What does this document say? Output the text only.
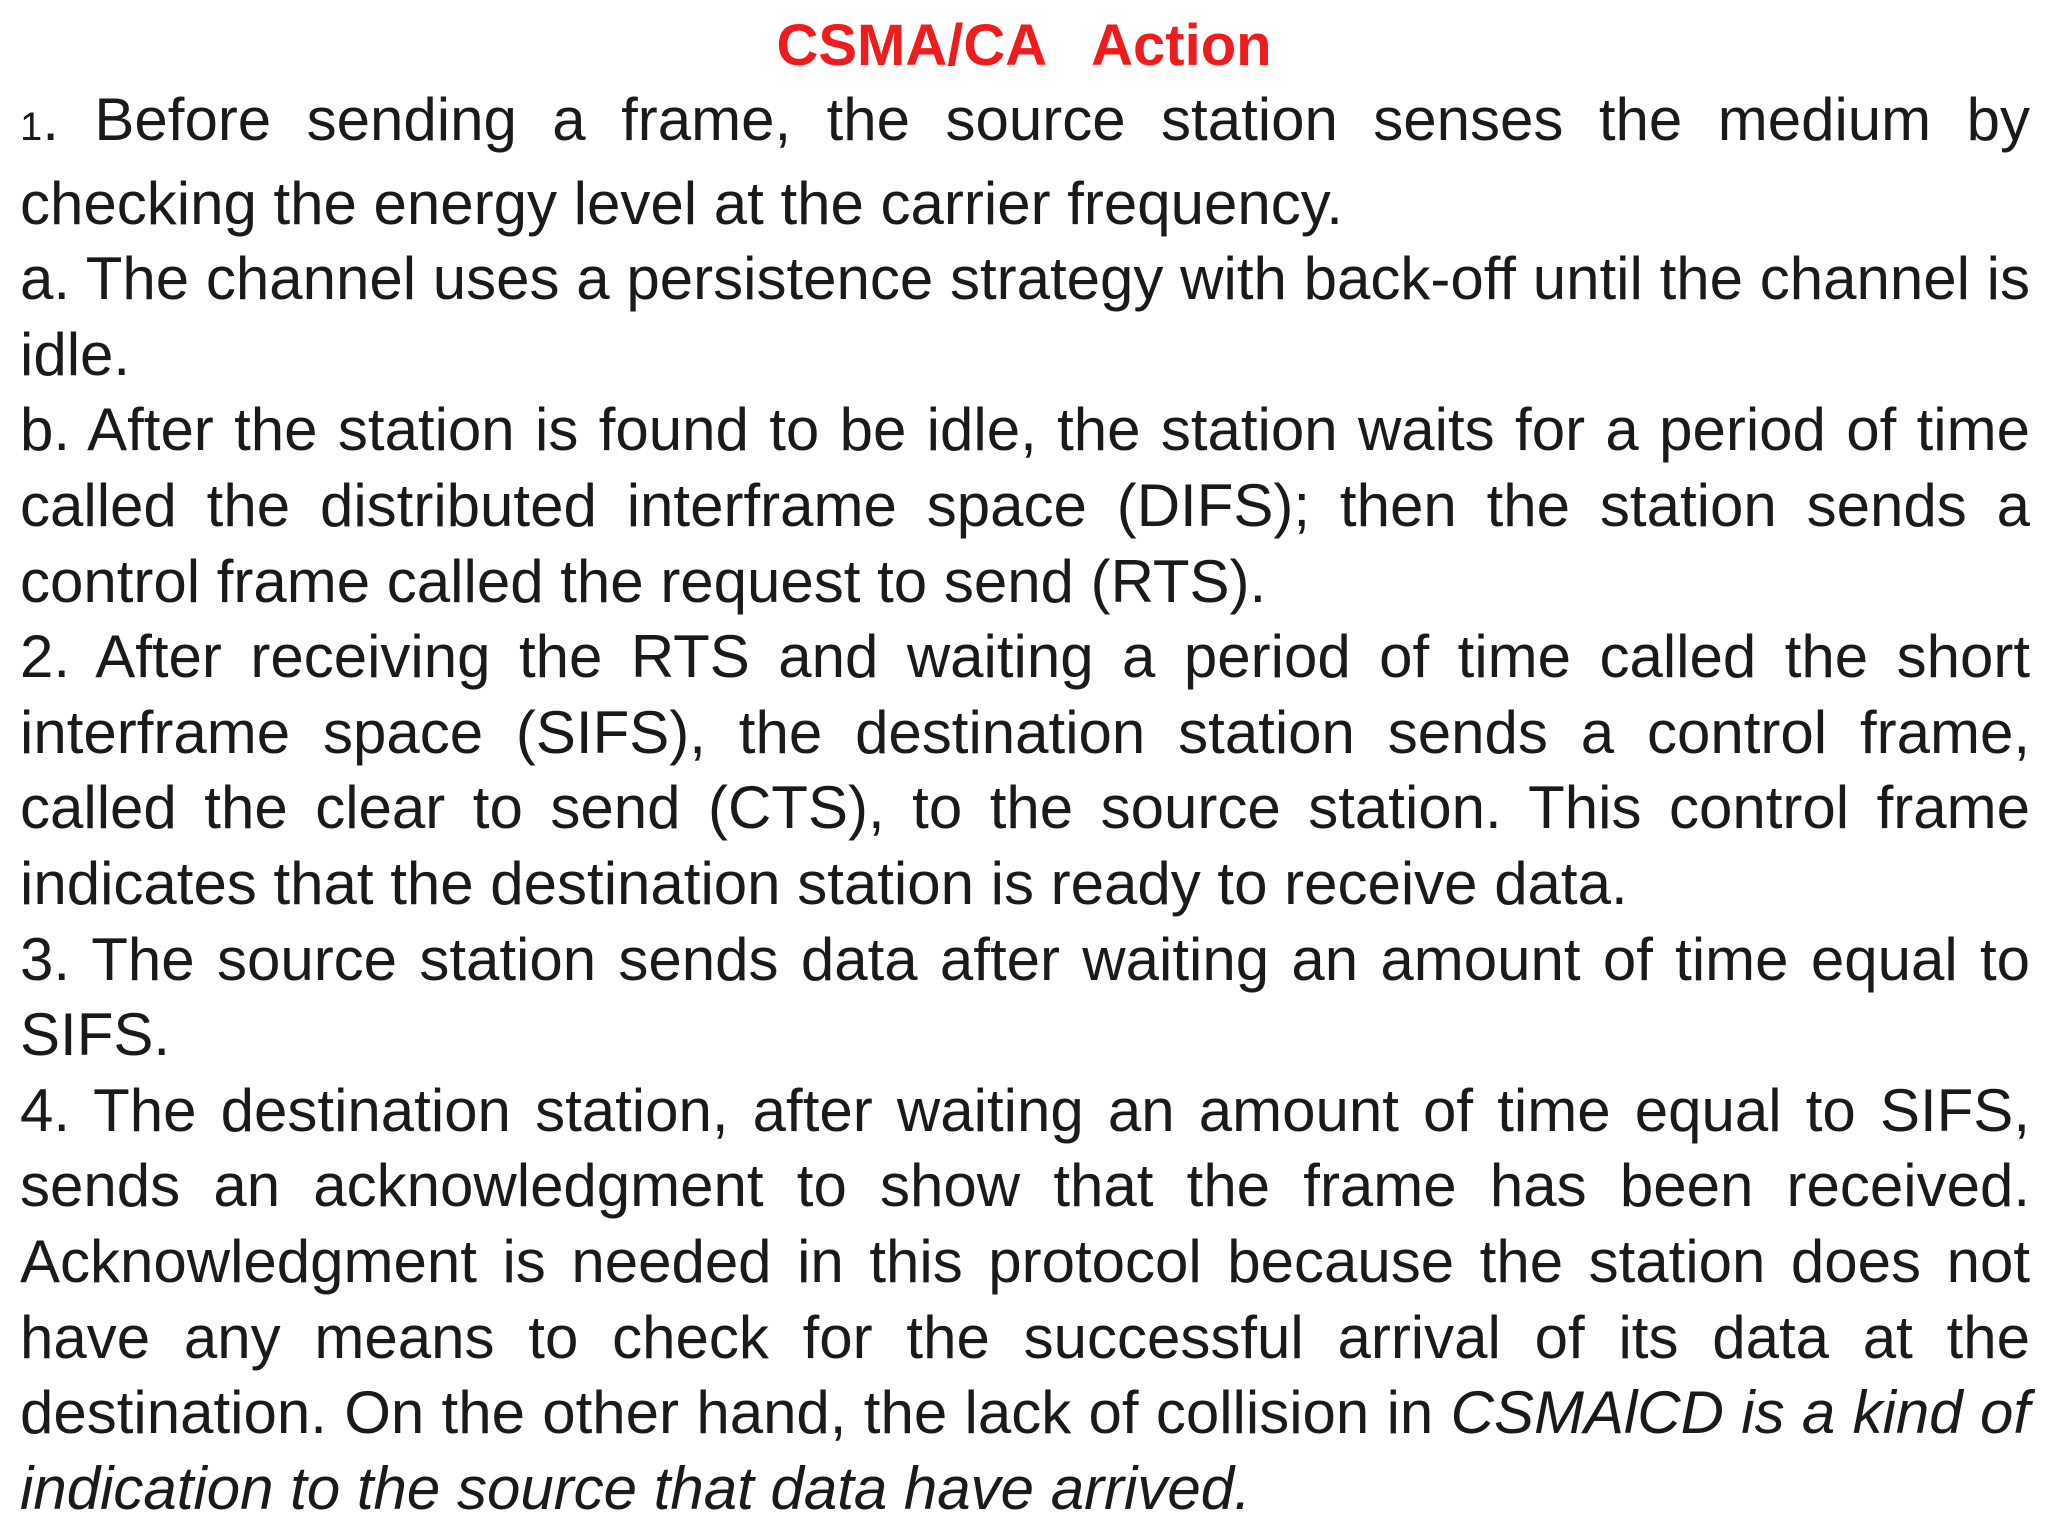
CSMA/CA   Action

1. Before sending a frame, the source station senses the medium by checking the energy level at the carrier frequency.

a. The channel uses a persistence strategy with back-off until the channel is idle.

b. After the station is found to be idle, the station waits for a period of time called the distributed interframe space (DIFS); then the station sends a control frame called the request to send (RTS).

2. After receiving the RTS and waiting a period of time called the short interframe space (SIFS), the destination station sends a control frame, called the clear to send (CTS), to the source station. This control frame indicates that the destination station is ready to receive data.

3. The source station sends data after waiting an amount of time equal to SIFS.

4. The destination station, after waiting an amount of time equal to SIFS, sends an acknowledgment to show that the frame has been received. Acknowledgment is needed in this protocol because the station does not have any means to check for the successful arrival of its data at the destination. On the other hand, the lack of collision in CSMAlCD is a kind of indication to the source that data have arrived.
